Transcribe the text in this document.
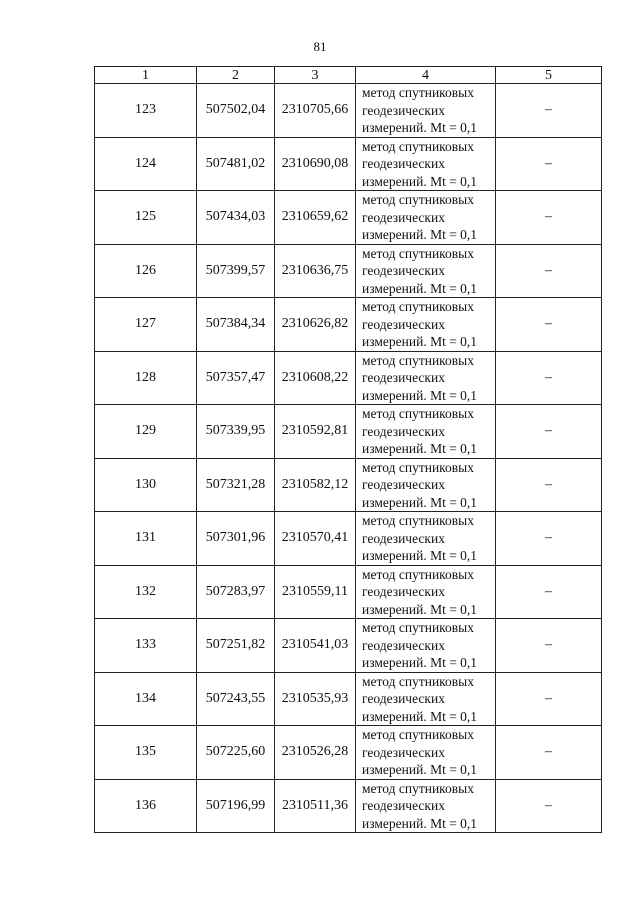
81
1	2	3	4	5
123	507502,04	2310705,66	метод спутниковых
геодезических
измерений. Mt = 0,1	–
124	507481,02	2310690,08	метод спутниковых
геодезических
измерений. Mt = 0,1	–
125	507434,03	2310659,62	метод спутниковых
геодезических
измерений. Mt = 0,1	–
126	507399,57	2310636,75	метод спутниковых
геодезических
измерений. Mt = 0,1	–
127	507384,34	2310626,82	метод спутниковых
геодезических
измерений. Mt = 0,1	–
128	507357,47	2310608,22	метод спутниковых
геодезических
измерений. Mt = 0,1	–
129	507339,95	2310592,81	метод спутниковых
геодезических
измерений. Mt = 0,1	–
130	507321,28	2310582,12	метод спутниковых
геодезических
измерений. Mt = 0,1	–
131	507301,96	2310570,41	метод спутниковых
геодезических
измерений. Mt = 0,1	–
132	507283,97	2310559,11	метод спутниковых
геодезических
измерений. Mt = 0,1	–
133	507251,82	2310541,03	метод спутниковых
геодезических
измерений. Mt = 0,1	–
134	507243,55	2310535,93	метод спутниковых
геодезических
измерений. Mt = 0,1	–
135	507225,60	2310526,28	метод спутниковых
геодезических
измерений. Mt = 0,1	–
136	507196,99	2310511,36	метод спутниковых
геодезических
измерений. Mt = 0,1	–
